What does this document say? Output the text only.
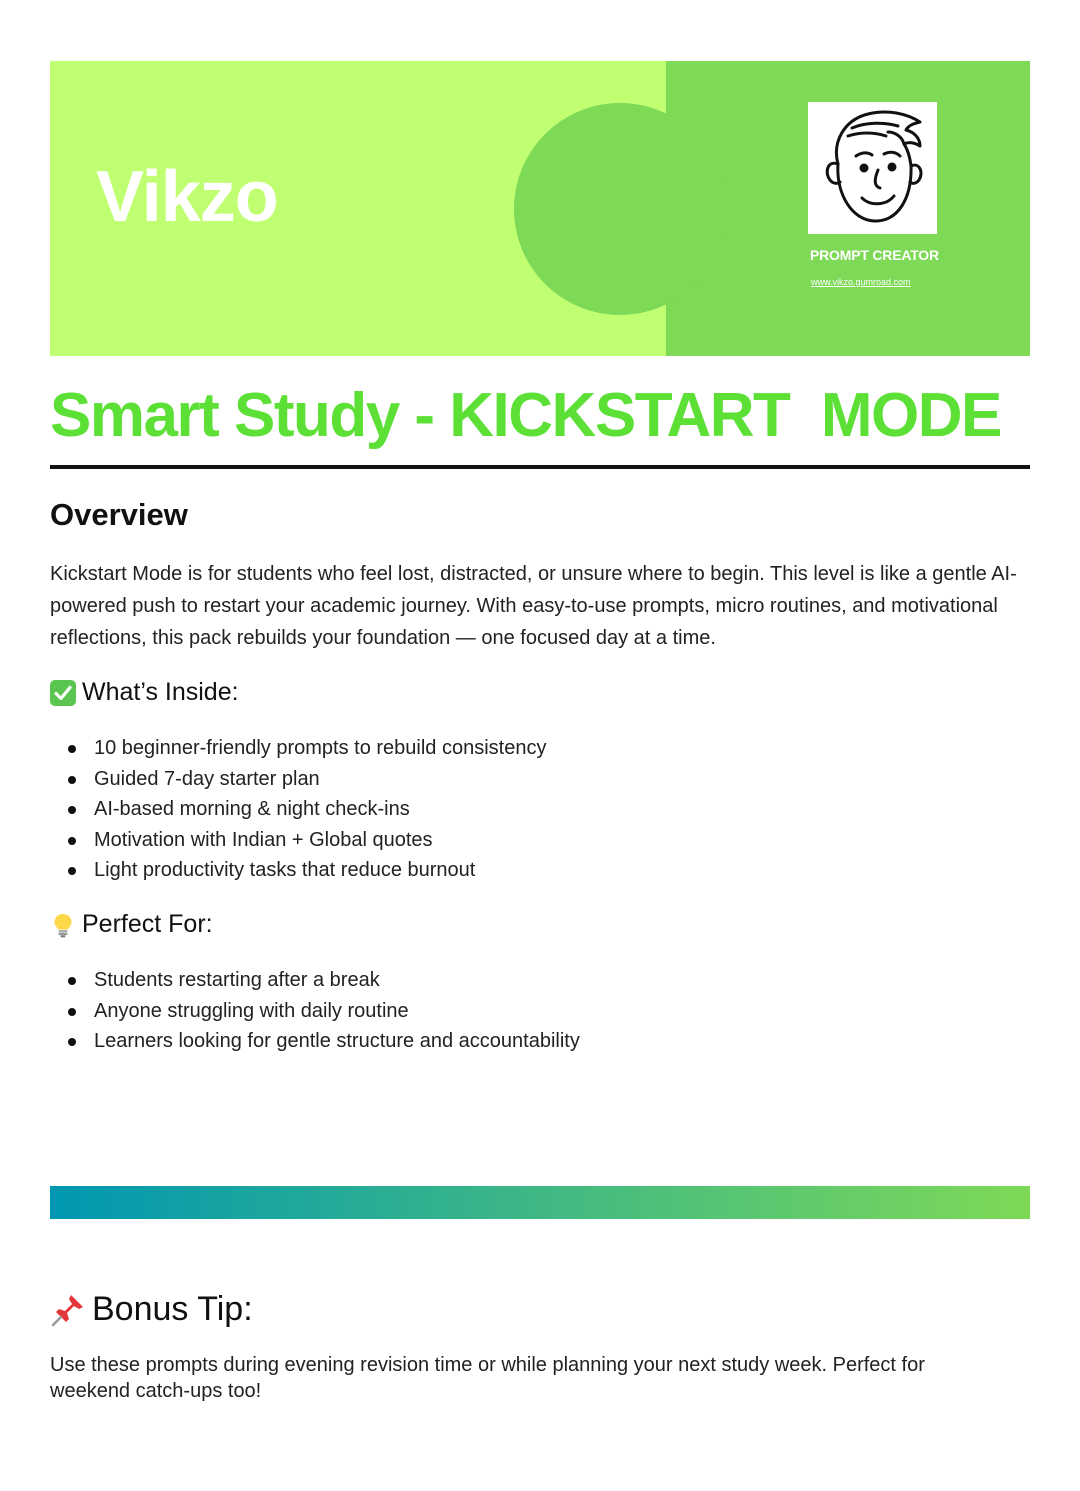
Vikzo
PROMPT CREATOR
www.vikzo.gumroad.com
Smart Study - KICKSTART  MODE
Overview

Kickstart Mode is for students who feel lost, distracted, or unsure where to begin. This level is like a gentle AI-powered push to restart your academic journey. With easy-to-use prompts, micro routines, and motivational reflections, this pack rebuilds your foundation — one focused day at a time.

What’s Inside:
10 beginner-friendly prompts to rebuild consistency
Guided 7-day starter plan
AI-based morning & night check-ins
Motivation with Indian + Global quotes
Light productivity tasks that reduce burnout
Perfect For:
Students restarting after a break
Anyone struggling with daily routine
Learners looking for gentle structure and accountability
Bonus Tip:

Use these prompts during evening revision time or while planning your next study week. Perfect for weekend catch-ups too!
